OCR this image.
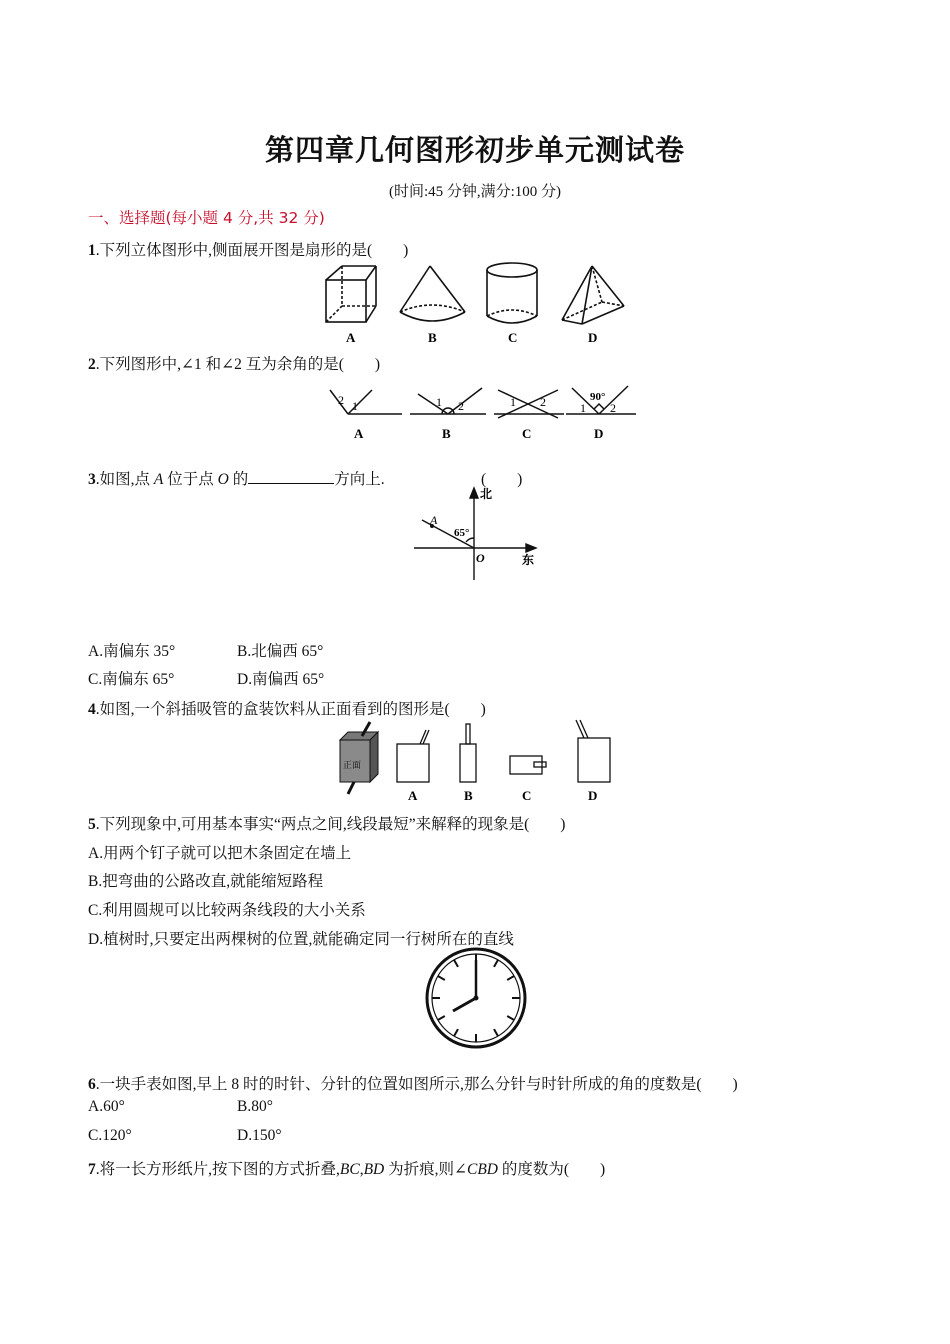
第四章几何图形初步单元测试卷
(时间:45 分钟,满分:100 分)
一、选择题(每小题 4 分,共 32 分)
1.下列立体图形中,侧面展开图是扇形的是(　　)
A	B	C	D
2.下列图形中,∠1 和∠2 互为余角的是(　　)
2 1	1 2	1 2	1 2
90°
A	B	C	D
3.如图,点 A 位于点 O 的	方向上.	(　　)
北
东
A
O
65°
A.南偏东 35°	B.北偏西 65°
C.南偏东 65°	D.南偏西 65°
4.如图,一个斜插吸管的盒装饮料从正面看到的图形是(　　)
正面
A	B	C	D
5.下列现象中,可用基本事实“两点之间,线段最短”来解释的现象是(　　)
A.用两个钉子就可以把木条固定在墙上
B.把弯曲的公路改直,就能缩短路程
C.利用圆规可以比较两条线段的大小关系
D.植树时,只要定出两棵树的位置,就能确定同一行树所在的直线
6.一块手表如图,早上 8 时的时针、分针的位置如图所示,那么分针与时针所成的角的度数是(　　)
A.60°	B.80°
C.120°	D.150°
7.将一长方形纸片,按下图的方式折叠,BC,BD 为折痕,则∠CBD 的度数为(　　)
